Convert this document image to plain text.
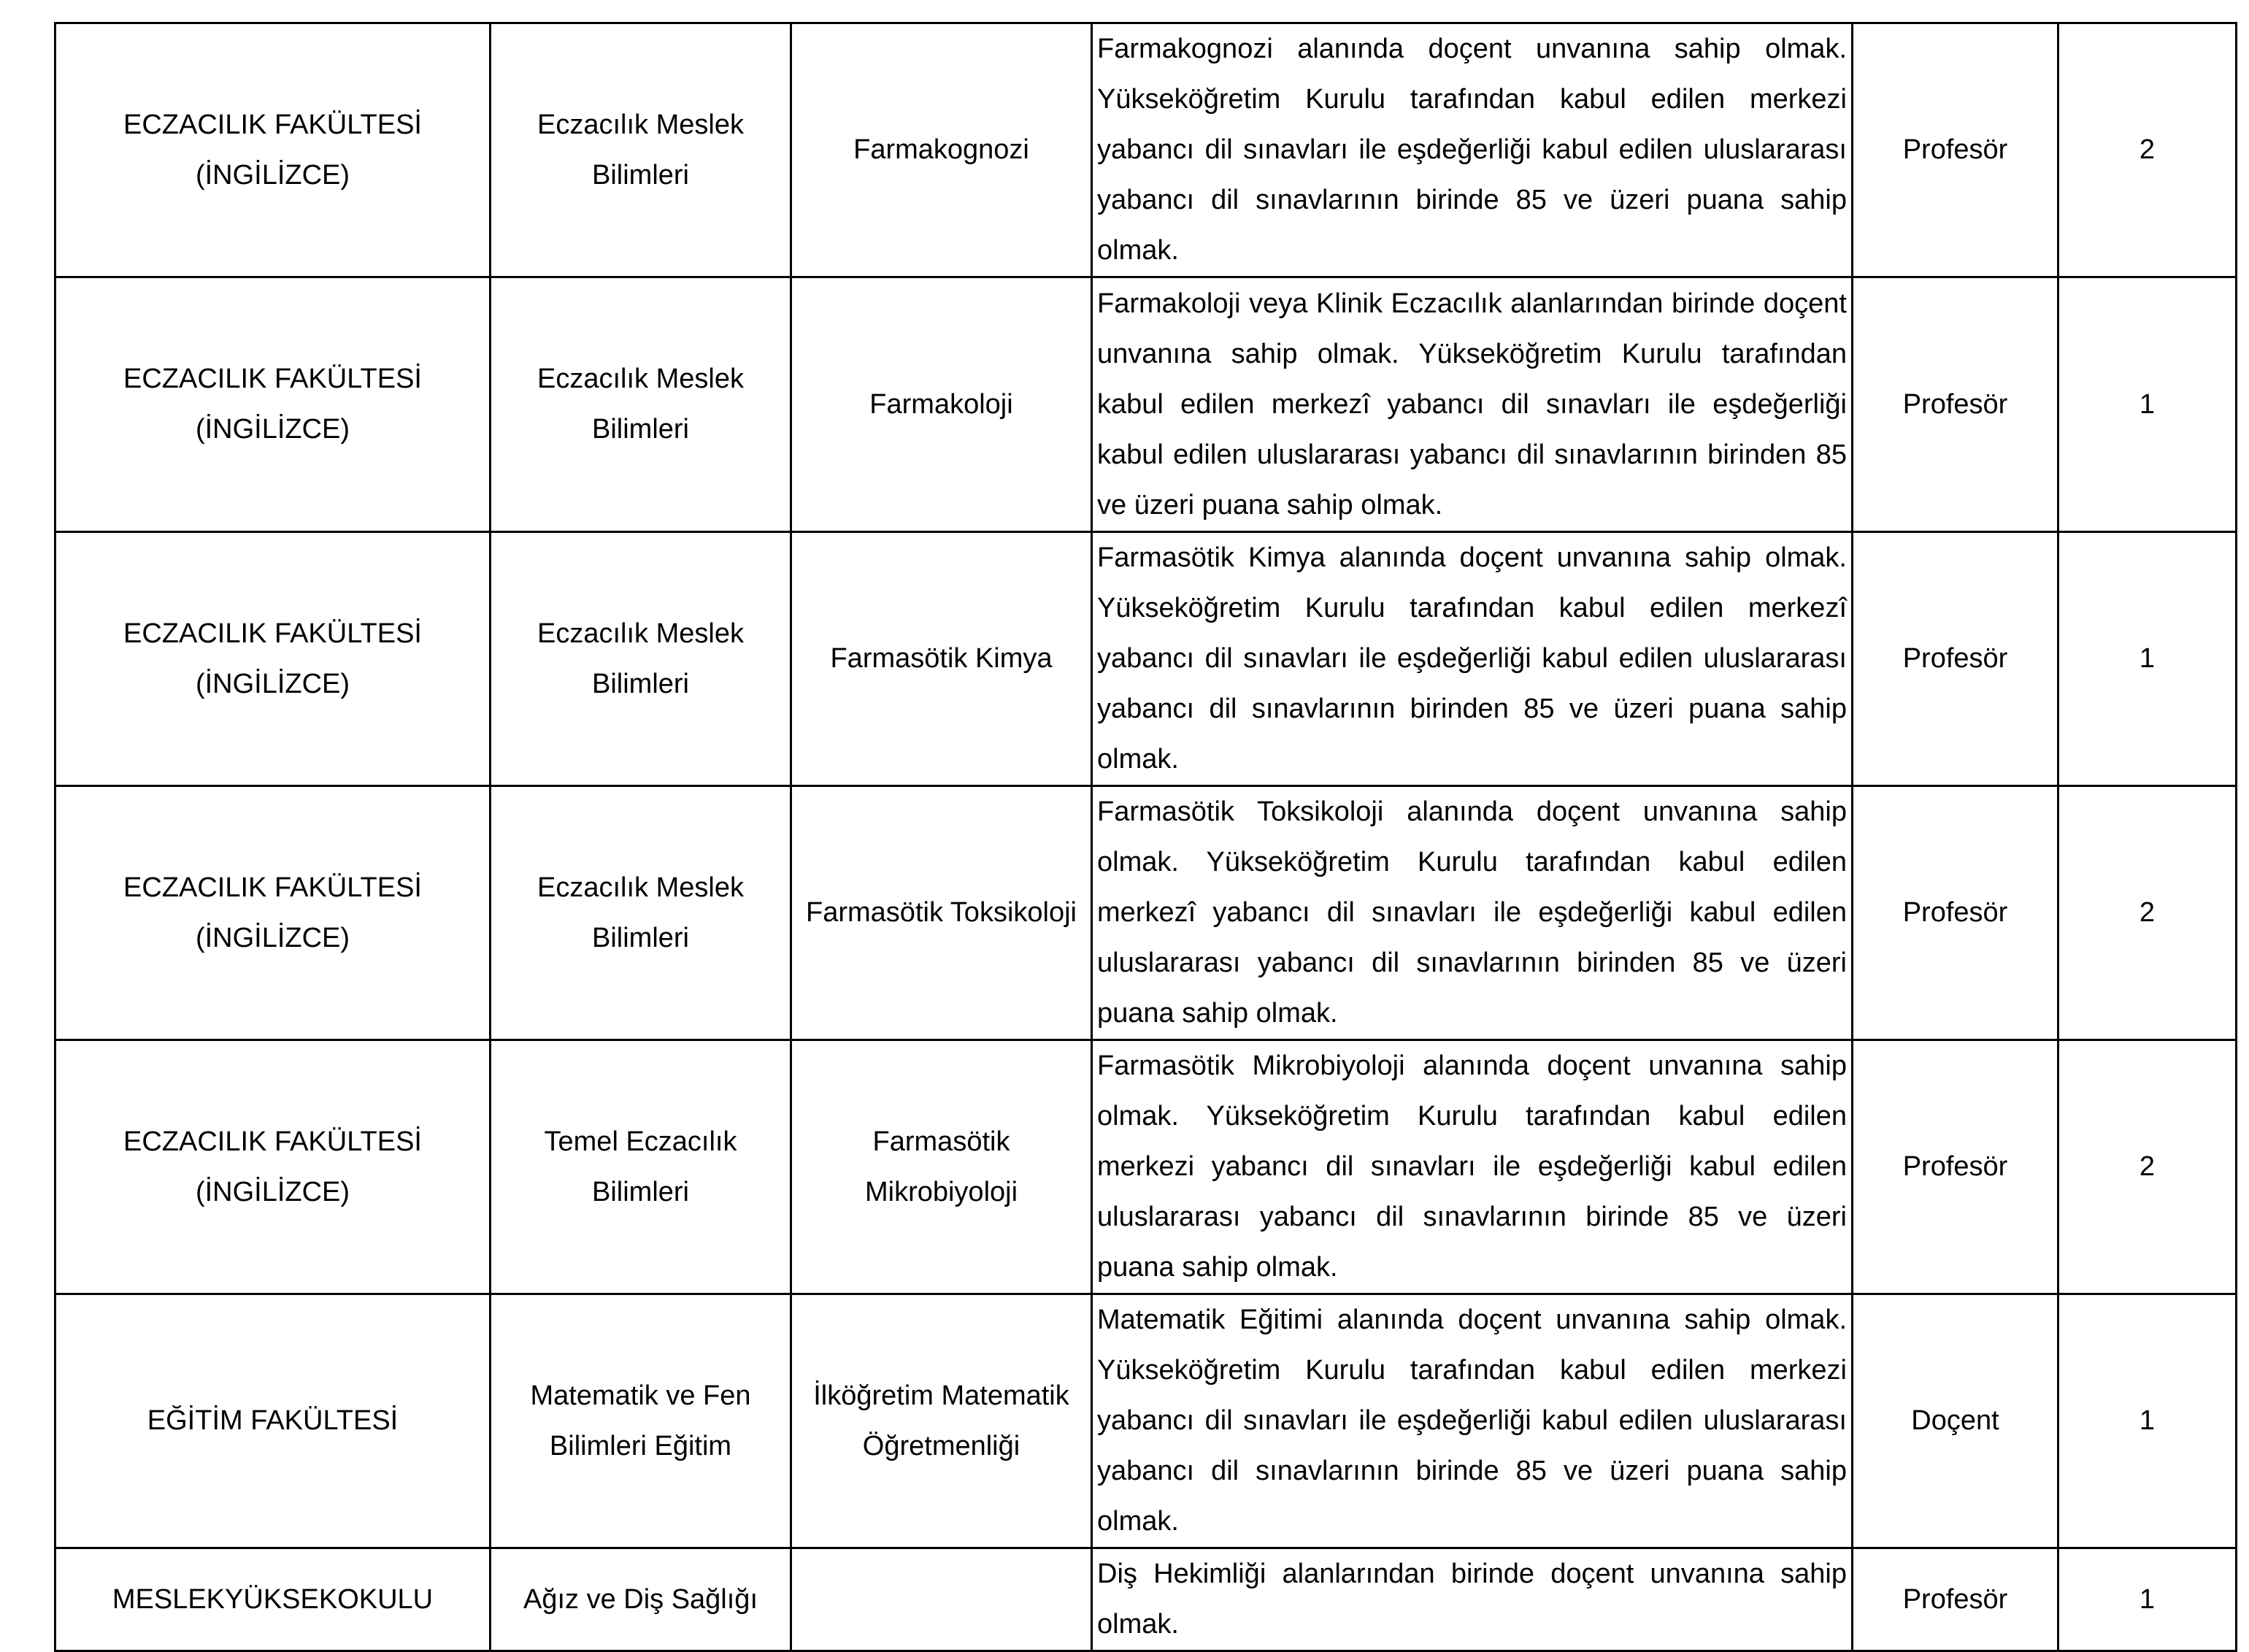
ECZACILIK FAKÜLTESİ (İNGİLİZCE)	Eczacılık Meslek Bilimleri	Farmakognozi	Farmakognozi alanında doçent unvanına sahip olmak. Yükseköğretim Kurulu tarafından kabul edilen merkezi yabancı dil sınavları ile eşdeğerliği kabul edilen uluslararası yabancı dil sınavlarının birinde 85 ve üzeri puana sahip olmak.	Profesör	2
ECZACILIK FAKÜLTESİ (İNGİLİZCE)	Eczacılık Meslek Bilimleri	Farmakoloji	Farmakoloji veya Klinik Eczacılık alanlarından birinde doçent unvanına sahip olmak. Yükseköğretim Kurulu tarafından kabul edilen merkezî yabancı dil sınavları ile eşdeğerliği kabul edilen uluslararası yabancı dil sınavlarının birinden 85 ve üzeri puana sahip olmak.	Profesör	1
ECZACILIK FAKÜLTESİ (İNGİLİZCE)	Eczacılık Meslek Bilimleri	Farmasötik Kimya	Farmasötik Kimya alanında doçent unvanına sahip olmak. Yükseköğretim Kurulu tarafından kabul edilen merkezî yabancı dil sınavları ile eşdeğerliği kabul edilen uluslararası yabancı dil sınavlarının birinden 85 ve üzeri puana sahip olmak.	Profesör	1
ECZACILIK FAKÜLTESİ (İNGİLİZCE)	Eczacılık Meslek Bilimleri	Farmasötik Toksikoloji	Farmasötik Toksikoloji alanında doçent unvanına sahip olmak. Yükseköğretim Kurulu tarafından kabul edilen merkezî yabancı dil sınavları ile eşdeğerliği kabul edilen uluslararası yabancı dil sınavlarının birinden 85 ve üzeri puana sahip olmak.	Profesör	2
ECZACILIK FAKÜLTESİ (İNGİLİZCE)	Temel Eczacılık Bilimleri	Farmasötik Mikrobiyoloji	Farmasötik Mikrobiyoloji alanında doçent unvanına sahip olmak. Yükseköğretim Kurulu tarafından kabul edilen merkezi yabancı dil sınavları ile eşdeğerliği kabul edilen uluslararası yabancı dil sınavlarının birinde 85 ve üzeri puana sahip olmak.	Profesör	2
EĞİTİM FAKÜLTESİ	Matematik ve Fen Bilimleri Eğitim	İlköğretim Matematik Öğretmenliği	Matematik Eğitimi alanında doçent unvanına sahip olmak. Yükseköğretim Kurulu tarafından kabul edilen merkezi yabancı dil sınavları ile eşdeğerliği kabul edilen uluslararası yabancı dil sınavlarının birinde 85 ve üzeri puana sahip olmak.	Doçent	1
MESLEKYÜKSEKOKULU	Ağız ve Diş Sağlığı		Diş Hekimliği alanlarından birinde doçent unvanına sahip olmak.	Profesör	1
